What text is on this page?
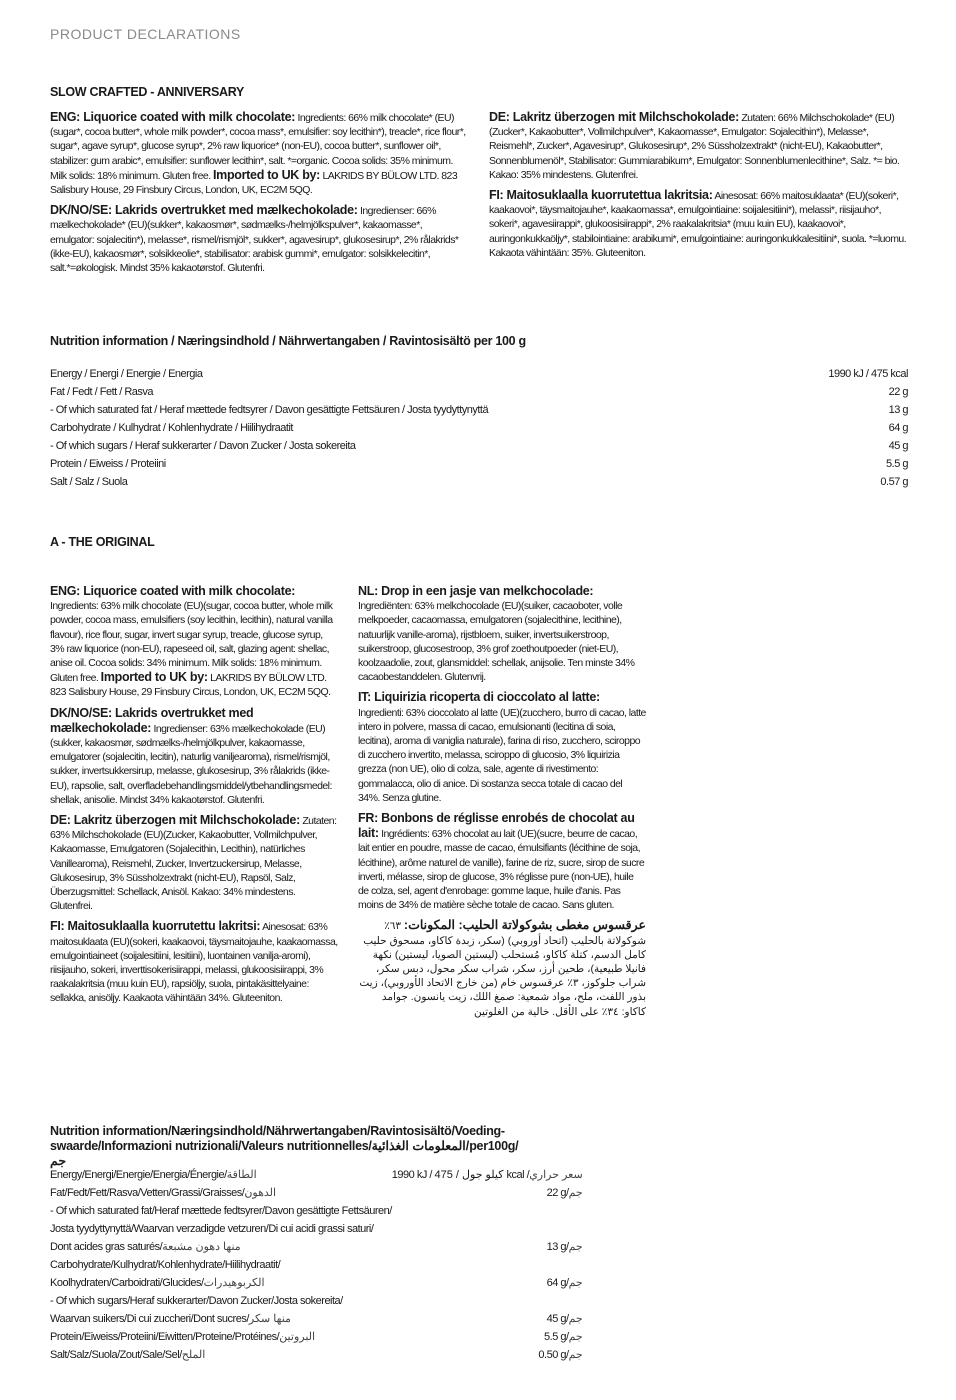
PRODUCT DECLARATIONS
SLOW CRAFTED - ANNIVERSARY

ENG: Liquorice coated with milk chocolate: Ingredients: 66% milk chocolate* (EU)(sugar*, cocoa butter*, whole milk powder*, cocoa mass*, emulsifier: soy lecithin*), treacle*, rice flour*, sugar*, agave syrup*, glucose syrup*, 2% raw liquorice* (non-EU), cocoa butter*, sunflower oil*, stabilizer: gum arabic*, emulsifier: sunflower lecithin*, salt. *=organic. Cocoa solids: 35% minimum. Milk solids: 18% minimum. Gluten free. Imported to UK by: LAKRIDS BY BÜLOW LTD. 823 Salisbury House, 29 Finsbury Circus, London, UK, EC2M 5QQ.

DK/NO/SE: Lakrids overtrukket med mælkechokolade: Ingredienser: 66% mælkechokolade* (EU)(sukker*, kakaosmør*, sødmælks-/helmjölkspulver*, kakaomasse*, emulgator: sojalecitin*), melasse*, rismel/rismjöl*, sukker*, agavesirup*, glukosesirup*, 2% rålakrids* (ikke-EU), kakaosmør*, solsikkeolie*, stabilisator: arabisk gummi*, emulgator: solsikkelecitin*, salt.*=økologisk. Mindst 35% kakaotørstof. Glutenfri.

DE: Lakritz überzogen mit Milchschokolade: Zutaten: 66% Milchschokolade* (EU) (Zucker*, Kakaobutter*, Vollmilchpulver*, Kakaomasse*, Emulgator: Sojalecithin*), Melasse*, Reismehl*, Zucker*, Agavesirup*, Glukosesirup*, 2% Süssholzextrakt* (nicht-EU), Kakaobutter*, Sonnenblumenöl*, Stabilisator: Gummiarabikum*, Emulgator: Sonnenblumenlecithine*, Salz. *= bio. Kakao: 35% mindestens. Glutenfrei.

FI: Maitosuklaalla kuorrutettua lakritsia: Ainesosat: 66% maitosuklaata* (EU)(sokeri*, kaakaovoi*, täysmaitojauhe*, kaakaomassa*, emulgointiaine: soijalesitiini*), melassi*, riisijauho*, sokeri*, agavesiirappi*, glukoosisiirappi*, 2% raakalakritsia* (muu kuin EU), kaakaovoi*, auringonkukkaöljy*, stabilointiaine: arabikumi*, emulgointiaine: auringonkukkalesitiini*, suola. *=luomu. Kakaota vähintään: 35%. Gluteeniton.

Nutrition information / Næringsindhold / Nährwertangaben / Ravintosisältö per 100 g
Energy / Energi / Energie / Energia	1990 kJ / 475 kcal
Fat / Fedt / Fett / Rasva	22 g
- Of which saturated fat / Heraf mættede fedtsyrer / Davon gesättigte Fettsäuren / Josta tyydyttynyttä	13 g
Carbohydrate / Kulhydrat / Kohlenhydrate / Hiilihydraatit	64 g
- Of which sugars / Heraf sukkerarter / Davon Zucker / Josta sokereita	45 g
Protein / Eiweiss / Proteiini	5.5 g
Salt / Salz / Suola	0.57 g
A - THE ORIGINAL

ENG: Liquorice coated with milk chocolate: Ingredients: 63% milk chocolate (EU)(sugar, cocoa butter, whole milk powder, cocoa mass, emulsifiers (soy lecithin, lecithin), natural vanilla flavour), rice flour, sugar, invert sugar syrup, treacle, glucose syrup, 3% raw liquorice (non-EU), rapeseed oil, salt, glazing agent: shellac, anise oil. Cocoa solids: 34% minimum. Milk solids: 18% minimum. Gluten free. Imported to UK by: LAKRIDS BY BÜLOW LTD. 823 Salisbury House, 29 Finsbury Circus, London, UK, EC2M 5QQ.

DK/NO/SE: Lakrids overtrukket med mælkechokolade: Ingredienser: 63% mælkechokolade (EU)(sukker, kakaosmør, sødmælks-/helmjölkpulver, kakaomasse, emulgatorer (sojalecitin, lecitin), naturlig vaniljearoma), rismel/rismjöl, sukker, invertsukkersirup, melasse, glukosesirup, 3% rålakrids (ikke-EU), rapsolie, salt, overfladebehandlingsmiddel/ytbehandlingsmedel: shellak, anisolie. Mindst 34% kakaotørstof. Glutenfri.

DE: Lakritz überzogen mit Milchschokolade: Zutaten: 63% Milchschokolade (EU)(Zucker, Kakaobutter, Vollmilchpulver, Kakaomasse, Emulgatoren (Sojalecithin, Lecithin), natürliches Vanillearoma), Reismehl, Zucker, Invertzuckersirup, Melasse, Glukosesirup, 3% Süssholzextrakt (nicht-EU), Rapsöl, Salz, Überzugsmittel: Schellack, Anisöl. Kakao: 34% mindestens. Glutenfrei.

FI: Maitosuklaalla kuorrutettu lakritsi: Ainesosat: 63% maitosuklaata (EU)(sokeri, kaakaovoi, täysmaitojauhe, kaakaomassa, emulgointiaineet (soijalesitiini, lesitiini), luontainen vanilja-aromi), riisijauho, sokeri, inverttisokerisiirappi, melassi, glukoosisiirappi, 3% raakalakritsia (muu kuin EU), rapsiöljy, suola, pintakäsittelyaine: sellakka, anisöljy. Kaakaota vähintään 34%. Gluteeniton.

NL: Drop in een jasje van melkchocolade: Ingrediënten: 63% melkchocolade (EU)(suiker, cacaoboter, volle melkpoeder, cacaomassa, emulgatoren (sojalecithine, lecithine), natuurlijk vanille-aroma), rijstbloem, suiker, invertsuikerstroop, suikerstroop, glucosestroop, 3% grof zoethoutpoeder (niet-EU), koolzaadolie, zout, glansmiddel: schellak, anijsolie. Ten minste 34% cacaobestanddelen. Glutenvrij.

IT: Liquirizia ricoperta di cioccolato al latte: Ingredienti: 63% cioccolato al latte (UE)(zucchero, burro di cacao, latte intero in polvere, massa di cacao, emulsionanti (lecitina di soia, lecitina), aroma di vaniglia naturale), farina di riso, zucchero, sciroppo di zucchero invertito, melassa, sciroppo di glucosio, 3% liquirizia grezza (non UE), olio di colza, sale, agente di rivestimento: gommalacca, olio di anice. Di sostanza secca totale di cacao del 34%. Senza glutine.

FR: Bonbons de réglisse enrobés de chocolat au lait: Ingrédients: 63% chocolat au lait (UE)(sucre, beurre de cacao, lait entier en poudre, masse de cacao, émulsifiants (lécithine de soja, lécithine), arôme naturel de vanille), farine de riz, sucre, sirop de sucre inverti, mélasse, sirop de glucose, 3% réglisse pure (non-UE), huile de colza, sel, agent d'enrobage: gomme laque, huile d'anis. Pas moins de 34% de matière sèche totale de cacao. Sans gluten.

عرقسوس مغطى بشوكولاتة الحليب: المكونات: ٦٣٪ شوكولاتة بالحليب (اتحاد أوروبي) (سكر، زبدة كاكاو، مسحوق حليب كامل الدسم، كتلة كاكاو، مُستحلب (ليستين الصويا، ليستين) نكهة فانيلا طبيعية)، طحين أرز، سكر، شراب سكر محول، دبس سكر، شراب جلوكوز، ٣٪ عرقسوس خام (من خارج الاتحاد الأوروبي)، زيت بذور اللفت، ملح، مواد شمعية: صمغ اللك، زيت يانسون. جوامد كاكاو: ٣٤٪ على الأقل. خالية من الغلوتين

Nutrition information/Næringsindhold/Nährwertangaben/Ravintosisältö/Voeding-
swaarde/Informazioni nutrizionali/Valeurs nutritionnelles/المعلومات الغذائية/per100g/جم
Energy/Energi/Energie/Energia/Énergie/الطاقة	1990 kJ / كيلو جول / 475 kcal /سعر حراري
Fat/Fedt/Fett/Rasva/Vetten/Grassi/Graisses/الدهون	22 g/جم
- Of which saturated fat/Heraf mættede fedtsyrer/Davon gesättigte Fettsäuren/	
Josta tyydyttynyttä/Waarvan verzadigde vetzuren/Di cui acidi grassi saturi/	
Dont acides gras saturés/منها دهون مشبعة	13 g/جم
Carbohydrate/Kulhydrat/Kohlenhydrate/Hiilihydraatit/	
Koolhydraten/Carboidrati/Glucides/الكربوهيدرات	64 g/جم
- Of which sugars/Heraf sukkerarter/Davon Zucker/Josta sokereita/	
Waarvan suikers/Di cui zuccheri/Dont sucres/منها سكر	45 g/جم
Protein/Eiweiss/Proteiini/Eiwitten/Proteine/Protéines/البروتين	5.5 g/جم
Salt/Salz/Suola/Zout/Sale/Sel/الملح	0.50 g/جم
